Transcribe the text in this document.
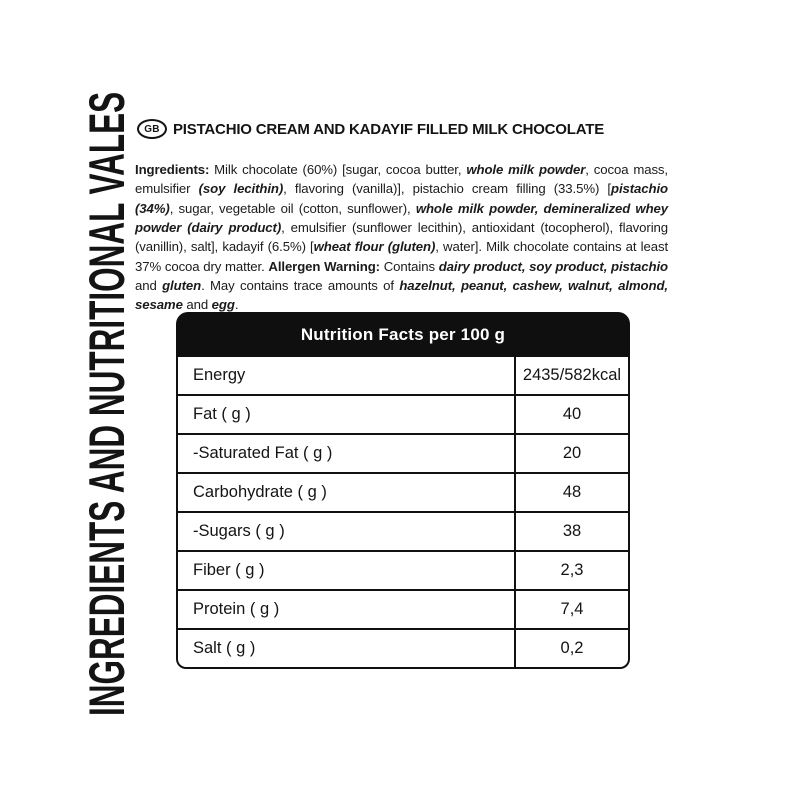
INGREDIENTS AND NUTRITIONAL VALES GB PISTACHIO CREAM AND KADAYIF FILLED MILK CHOCOLATE

Ingredients: Milk chocolate (60%) [sugar, cocoa butter, whole milk powder, cocoa mass, emulsifier (soy lecithin), flavoring (vanilla)], pistachio cream filling (33.5%) [pistachio (34%), sugar, vegetable oil (cotton, sunflower), whole milk powder, demineralized whey powder (dairy product), emulsifier (sunflower lecithin), antioxidant (tocopherol), flavoring (vanillin), salt], kadayif (6.5%) [wheat flour (gluten), water]. Milk chocolate contains at least 37% cocoa dry matter. Allergen Warning: Contains dairy product, soy product, pistachio and gluten. May contains trace amounts of hazelnut, peanut, cashew, walnut, almond, sesame and egg.

Nutrition Facts per 100 g
Energy	2435/582kcal
Fat ( g )	40
-Saturated Fat ( g )	20
Carbohydrate ( g )	48
-Sugars ( g )	38
Fiber ( g )	2,3
Protein ( g )	7,4
Salt ( g )	0,2
